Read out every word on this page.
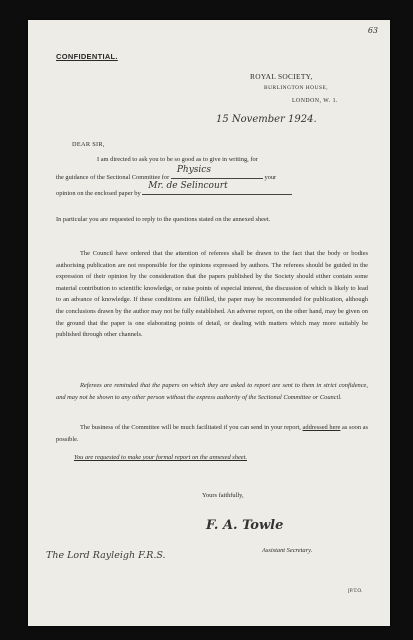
63
CONFIDENTIAL.
ROYAL SOCIETY,
BURLINGTON HOUSE,
LONDON, W. 1.
15 November 1924.
DEAR SIR,
I am directed to ask you to be so good as to give in writing, for
the guidance of the Sectional Committee for
Physics
your
opinion on the enclosed paper by
Mr. de Selincourt
In particular you are requested to reply to the questions stated on the annexed sheet.
The Council have ordered that the attention of referees shall be drawn to the fact that the body or bodies authorising publication are not responsible for the opinions expressed by authors. The referees should be guided in the expression of their opinion by the consideration that the papers published by the Society should either contain some material contribution to scientific knowledge, or raise points of especial interest, the discussion of which is likely to lead to an advance of knowledge. If these conditions are fulfilled, the paper may be recommended for publication, although the conclusions drawn by the author may not be fully established. An adverse report, on the other hand, may be given on the ground that the paper is one elaborating points of detail, or dealing with matters which may more suitably be published through other channels.
Referees are reminded that the papers on which they are asked to report are sent to them in strict confidence, and may not be shown to any other person without the express authority of the Sectional Committee or Council.
The business of the Committee will be much facilitated if you can send in your report, addressed here as soon as possible.
You are requested to make your formal report on the annexed sheet.
Yours faithfully,
F. A. Towle
Assistant Secretary.
The Lord Rayleigh F.R.S.
[P.T.O.
